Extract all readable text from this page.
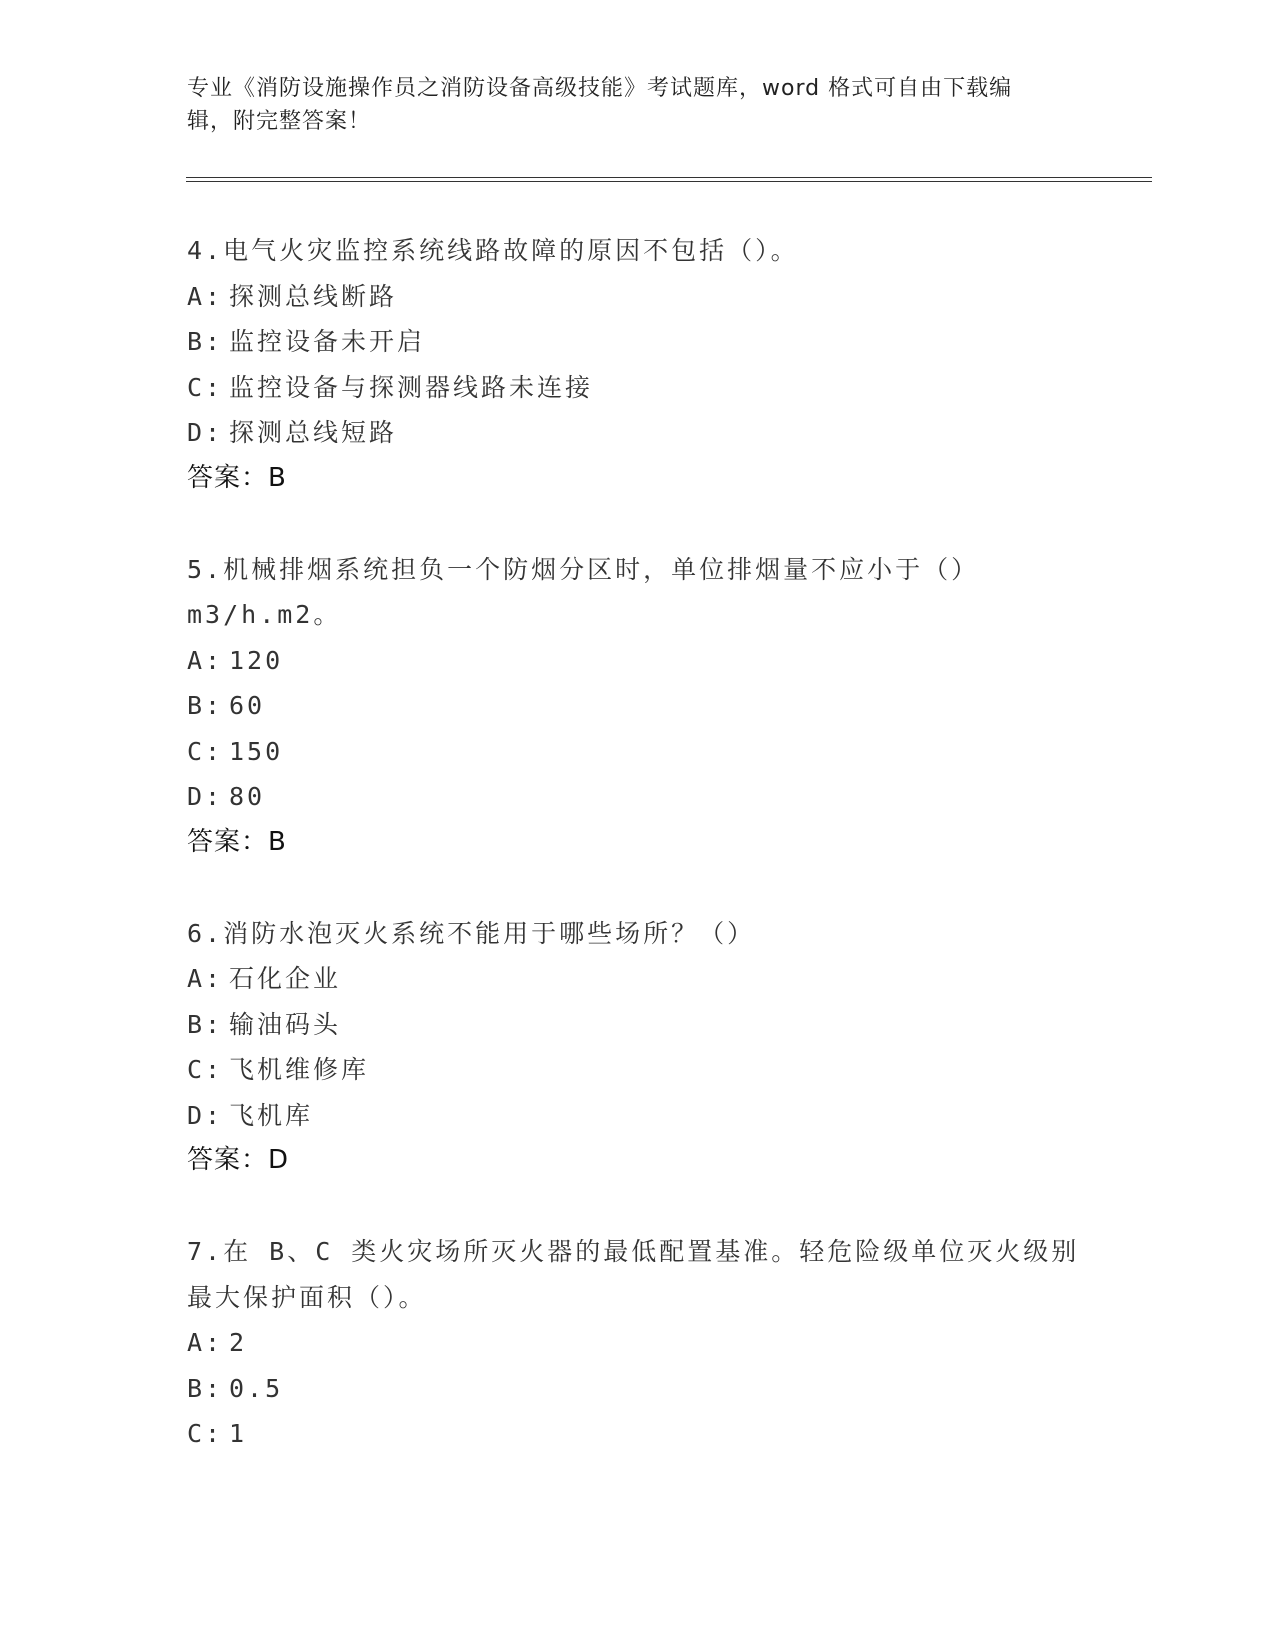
专业《消防设施操作员之消防设备高级技能》考试题库，word 格式可自由下载编
辑，附完整答案！
4.电气火灾监控系统线路故障的原因不包括（）。
A: 探测总线断路
B: 监控设备未开启
C: 监控设备与探测器线路未连接
D: 探测总线短路
答案：B
5.机械排烟系统担负一个防烟分区时，单位排烟量不应小于（）
m3/h.m2。
A: 120
B: 60
C: 150
D: 80
答案：B
6.消防水泡灭火系统不能用于哪些场所？（）
A: 石化企业
B: 输油码头
C: 飞机维修库
D: 飞机库
答案：D
7.在 B、C 类火灾场所灭火器的最低配置基准。轻危险级单位灭火级别
最大保护面积（）。
A: 2
B: 0.5
C: 1
